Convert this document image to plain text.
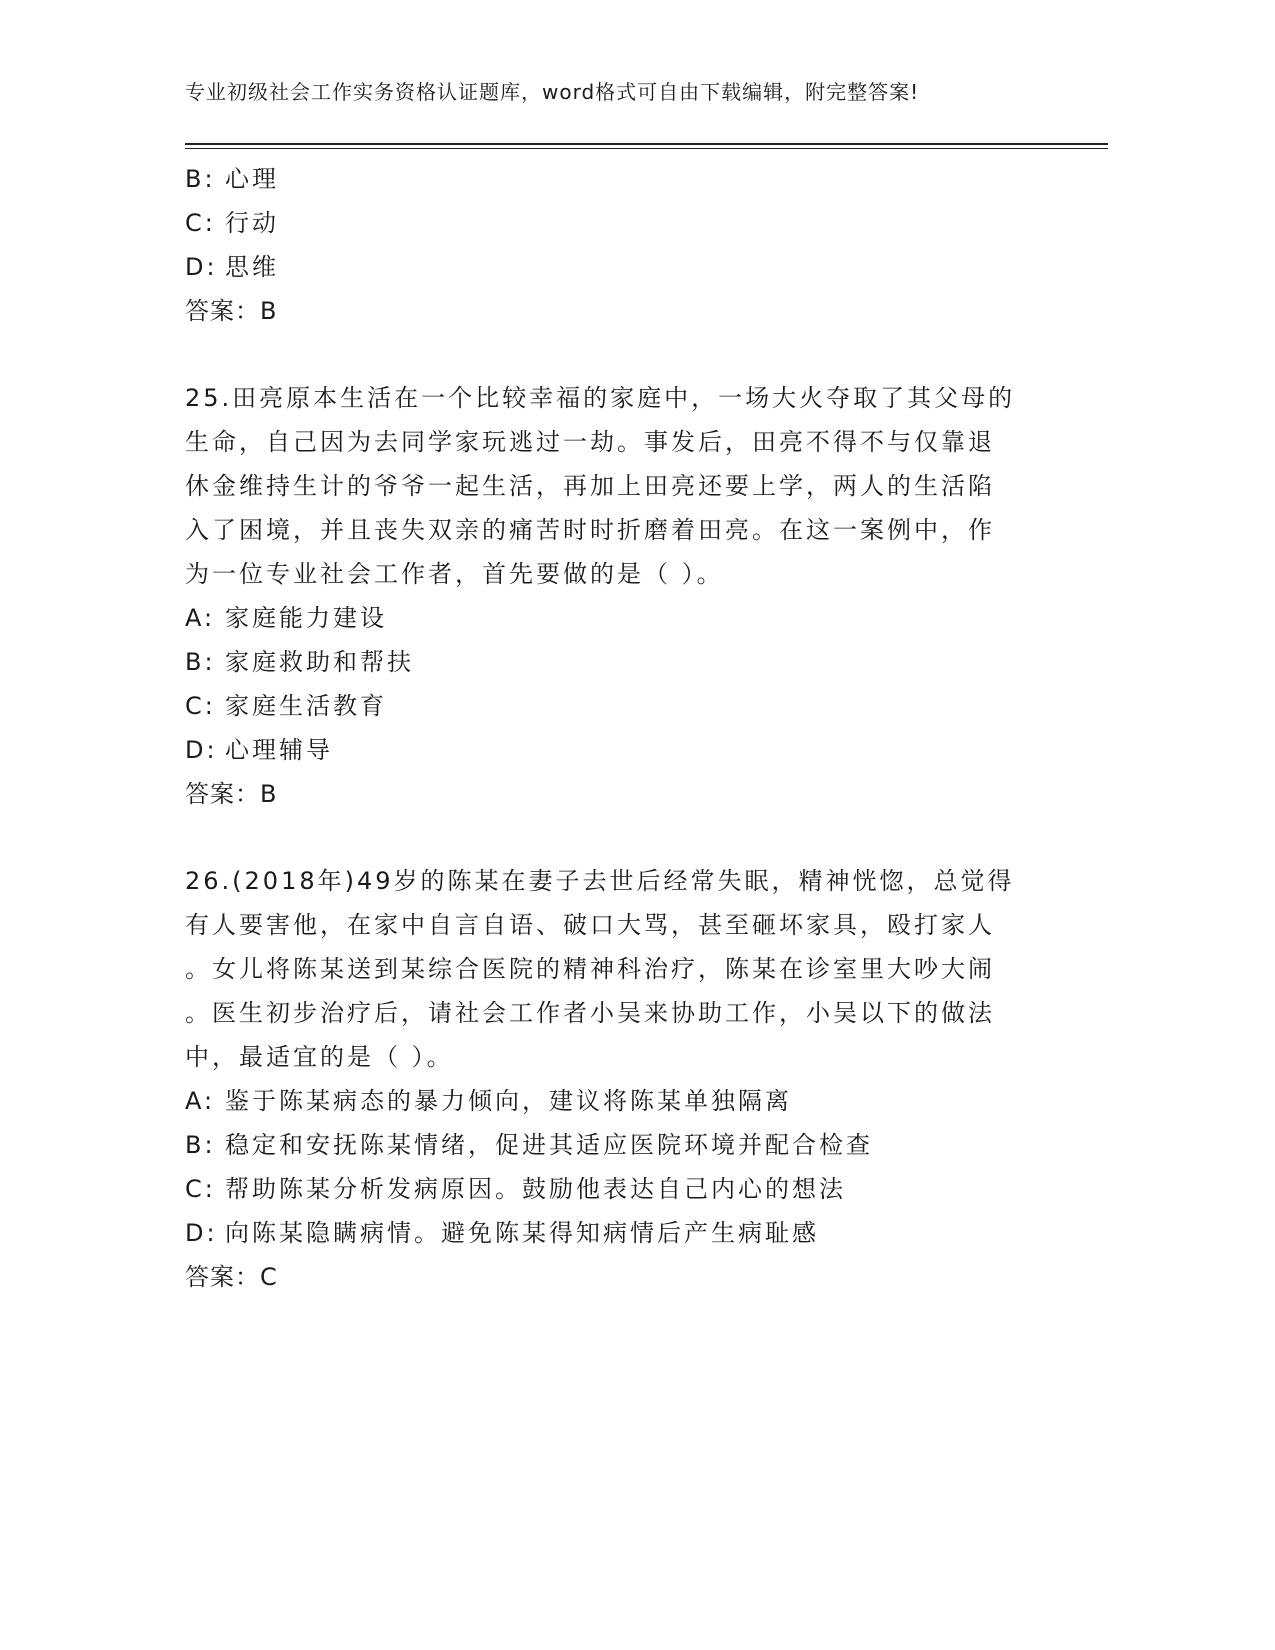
专业初级社会工作实务资格认证题库，word格式可自由下载编辑，附完整答案!
B: 心理
C: 行动
D: 思维
答案：B
25.田亮原本生活在一个比较幸福的家庭中，一场大火夺取了其父母的
生命，自己因为去同学家玩逃过一劫。事发后，田亮不得不与仅靠退
休金维持生计的爷爷一起生活，再加上田亮还要上学，两人的生活陷
入了困境，并且丧失双亲的痛苦时时折磨着田亮。在这一案例中，作
为一位专业社会工作者，首先要做的是（ ）。
A: 家庭能力建设
B: 家庭救助和帮扶
C: 家庭生活教育
D: 心理辅导
答案：B
26.(2018年)49岁的陈某在妻子去世后经常失眠，精神恍惚，总觉得
有人要害他，在家中自言自语、破口大骂，甚至砸坏家具，殴打家人
。女儿将陈某送到某综合医院的精神科治疗，陈某在诊室里大吵大闹
。医生初步治疗后，请社会工作者小吴来协助工作，小吴以下的做法
中，最适宜的是（ ）。
A: 鉴于陈某病态的暴力倾向，建议将陈某单独隔离
B: 稳定和安抚陈某情绪，促进其适应医院环境并配合检查
C: 帮助陈某分析发病原因。鼓励他表达自己内心的想法
D: 向陈某隐瞒病情。避免陈某得知病情后产生病耻感
答案：C
